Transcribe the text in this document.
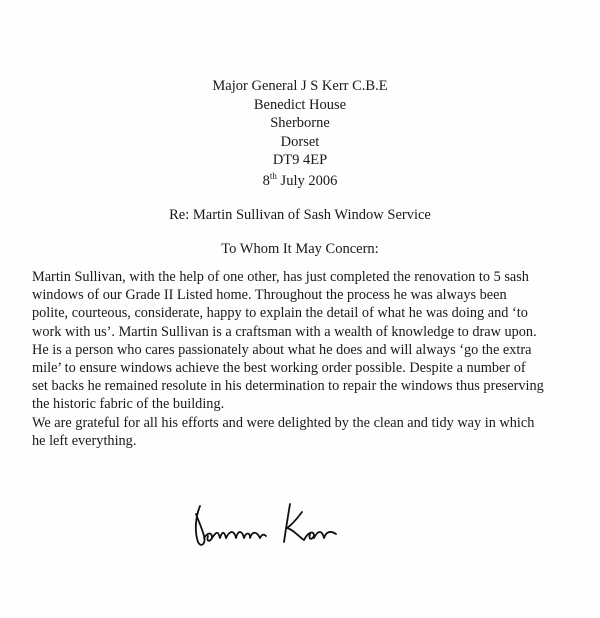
Major General J S Kerr C.B.E
Benedict House
Sherborne
Dorset
DT9 4EP
8th July 2006
Re: Martin Sullivan of Sash Window Service
To Whom It May Concern:
Martin Sullivan, with the help of one other, has just completed the renovation to 5 sash
windows of our Grade II Listed home. Throughout the process he was always been
polite, courteous, considerate, happy to explain the detail of what he was doing and ‘to
work with us’. Martin Sullivan is a craftsman with a wealth of knowledge to draw upon.
He is a person who cares passionately about what he does and will always ‘go the extra
mile’ to ensure windows achieve the best working order possible. Despite a number of
set backs he remained resolute in his determination to repair the windows thus preserving
the historic fabric of the building.
We are grateful for all his efforts and were delighted by the clean and tidy way in which
he left everything.
